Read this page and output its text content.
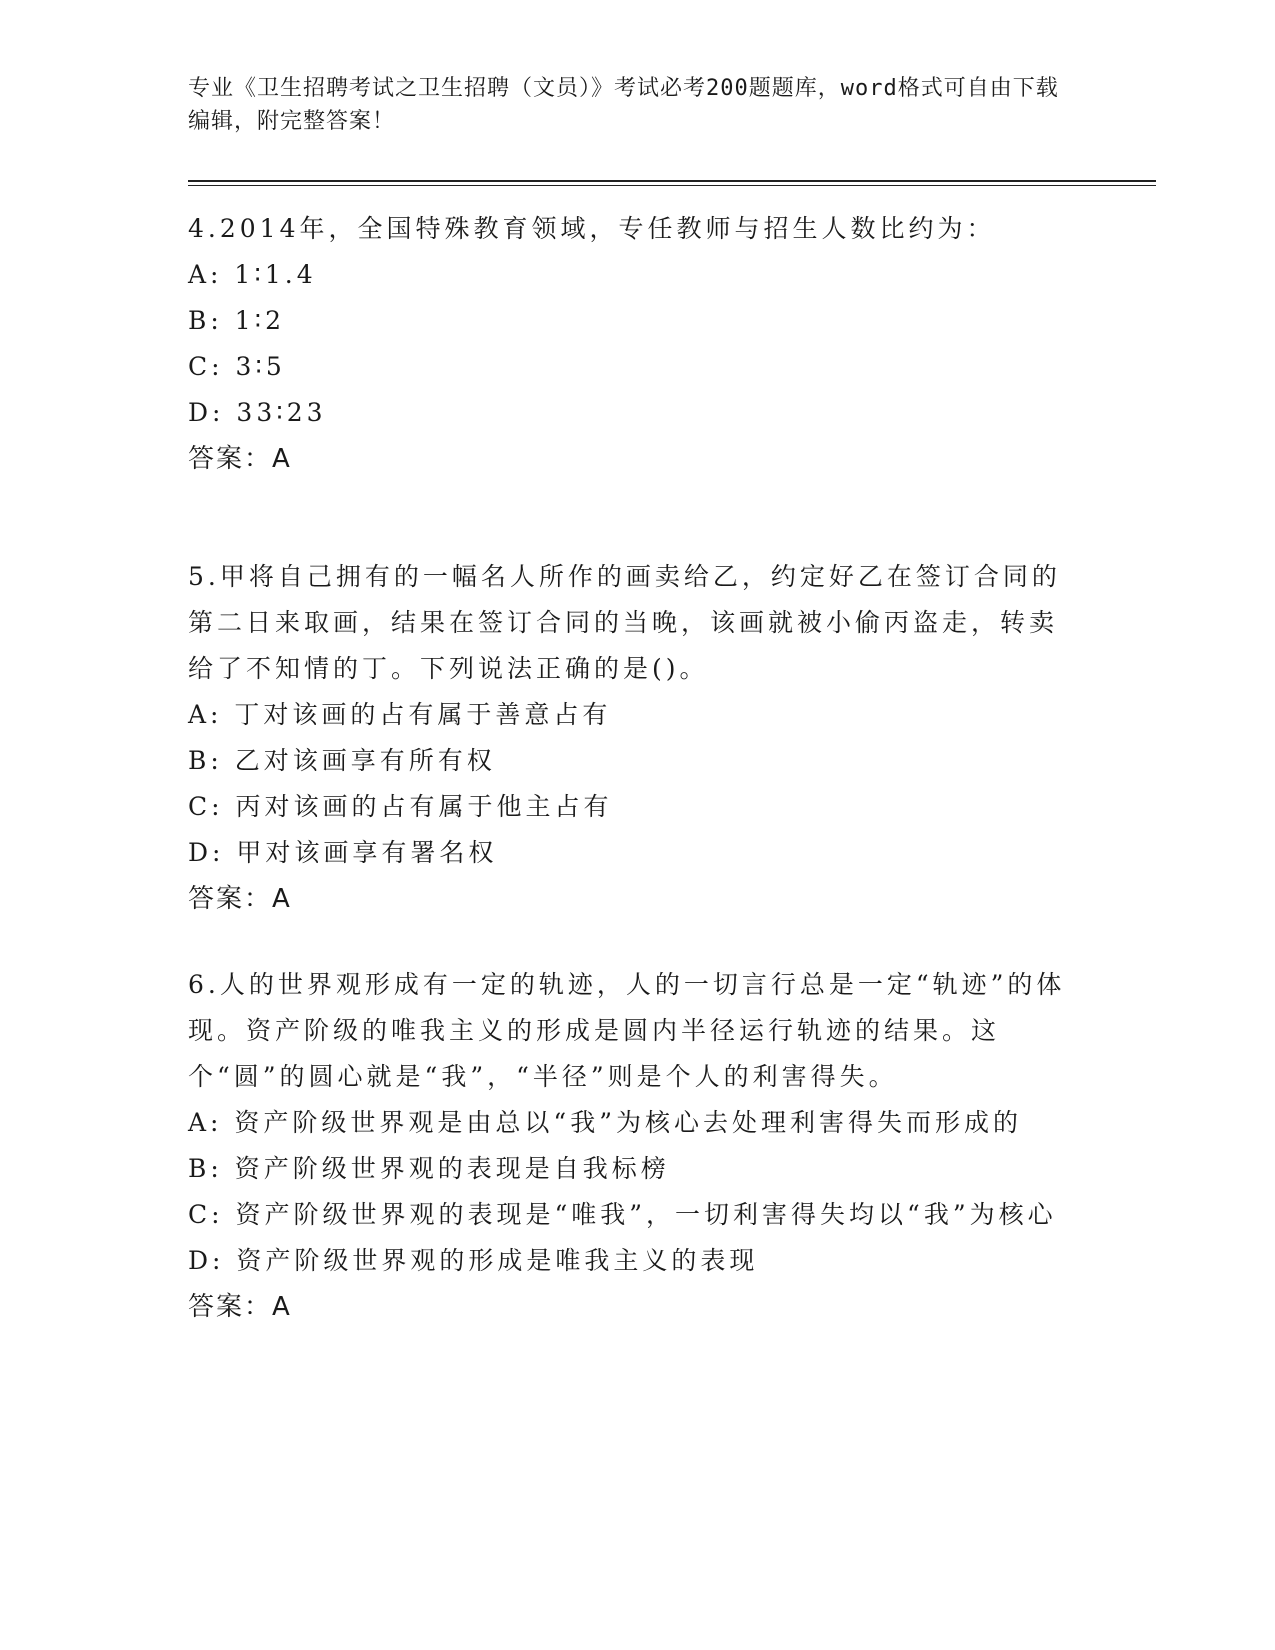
专业《卫生招聘考试之卫生招聘（文员）》考试必考200题题库，word格式可自由下载编辑，附完整答案！
4.2014年，全国特殊教育领域，专任教师与招生人数比约为：
A: 1∶1.4
B: 1∶2
C: 3∶5
D: 33∶23
答案：A
5.甲将自己拥有的一幅名人所作的画卖给乙，约定好乙在签订合同的第二日来取画，结果在签订合同的当晚，该画就被小偷丙盗走，转卖给了不知情的丁。下列说法正确的是()。
A: 丁对该画的占有属于善意占有
B: 乙对该画享有所有权
C: 丙对该画的占有属于他主占有
D: 甲对该画享有署名权
答案：A
6.人的世界观形成有一定的轨迹，人的一切言行总是一定“轨迹”的体现。资产阶级的唯我主义的形成是圆内半径运行轨迹的结果。这个“圆”的圆心就是“我”，“半径”则是个人的利害得失。
A: 资产阶级世界观是由总以“我”为核心去处理利害得失而形成的
B: 资产阶级世界观的表现是自我标榜
C: 资产阶级世界观的表现是“唯我”，一切利害得失均以“我”为核心
D: 资产阶级世界观的形成是唯我主义的表现
答案：A
